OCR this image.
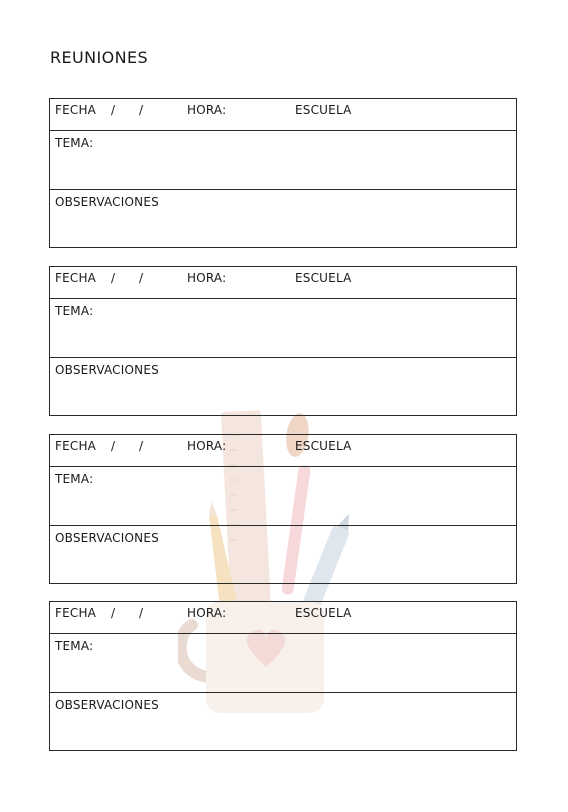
REUNIONES
FECHA / /	HORA:	ESCUELA
TEMA:
OBSERVACIONES
FECHA / /	HORA:	ESCUELA
TEMA:
OBSERVACIONES
FECHA / /	HORA:	ESCUELA
TEMA:
OBSERVACIONES
FECHA / /	HORA:	ESCUELA
TEMA:
OBSERVACIONES
